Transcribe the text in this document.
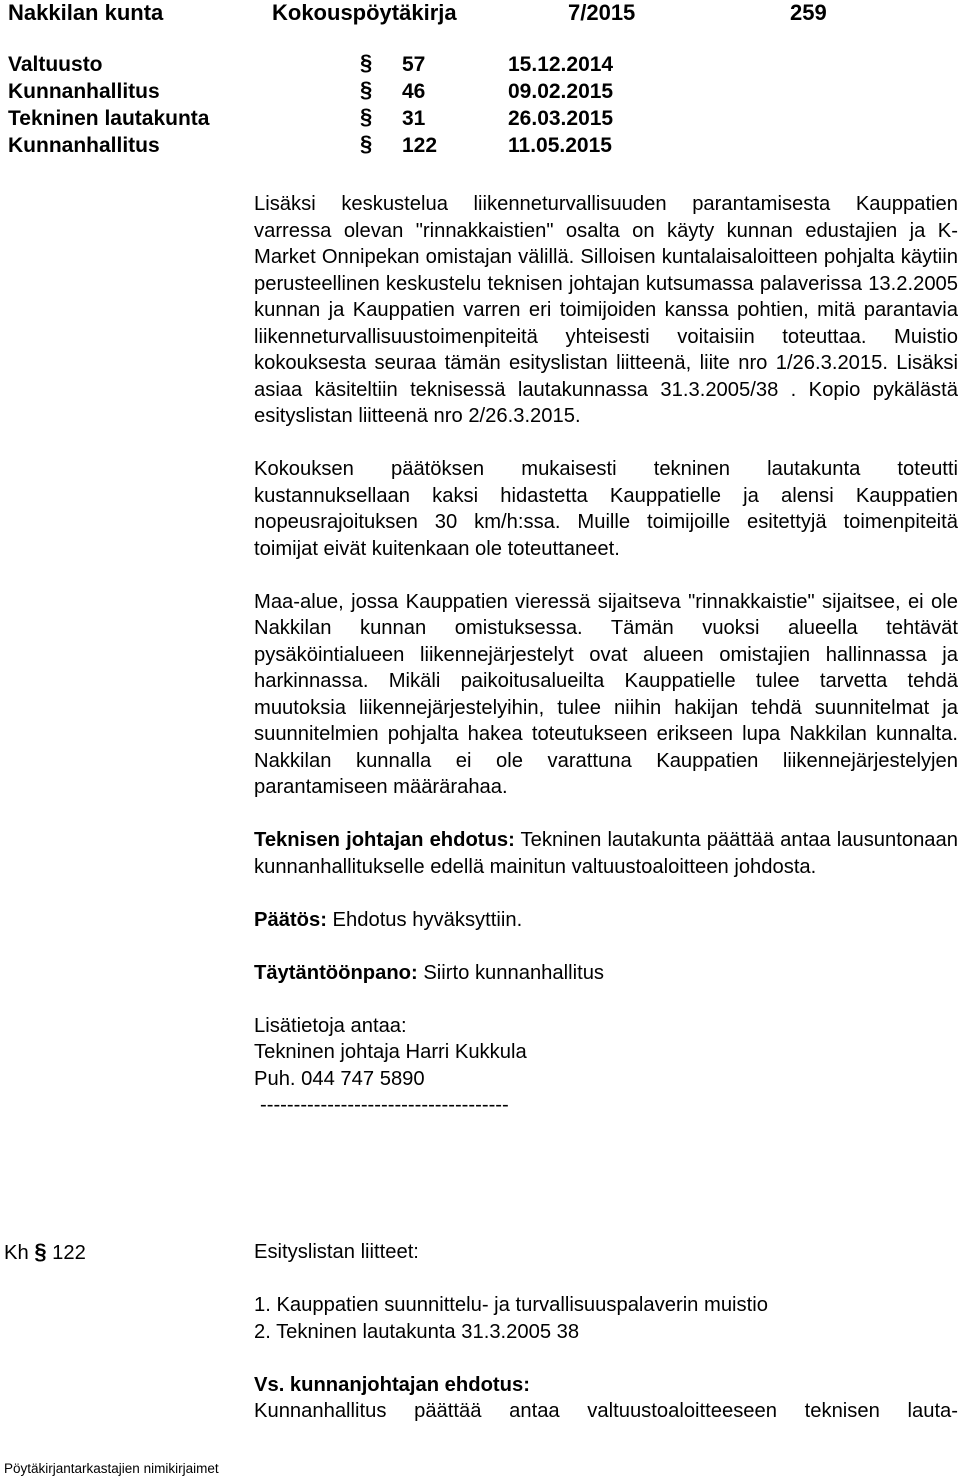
Nakkilan kunta	Kokouspöytäkirja	7/2015	259
Valtuusto	§ 57	15.12.2014
Kunnanhallitus	§ 46	09.02.2015
Tekninen lautakunta	§ 31	26.03.2015
Kunnanhallitus	§ 122	11.05.2015

Lisäksi keskustelua liikenneturvallisuuden parantamisesta Kauppatien varressa olevan "rinnakkaistien" osalta on käyty kunnan edustajien ja K-Market Onnipekan omistajan välillä. Silloisen kuntalaisaloitteen pohjalta käytiin perusteellinen keskustelu teknisen johtajan kutsumassa palaverissa 13.2.2005 kunnan ja Kauppatien varren eri toimijoiden kanssa pohtien, mitä parantavia liikenneturvallisuustoimenpiteitä yhteisesti voitaisiin toteuttaa. Muistio kokouksesta seuraa tämän esityslistan liitteenä, liite nro 1/26.3.2015. Lisäksi asiaa käsiteltiin teknisessä lautakunnassa 31.3.2005/38 . Kopio pykälästä esityslistan liitteenä nro 2/26.3.2015.

Kokouksen päätöksen mukaisesti tekninen lautakunta toteutti kustannuksellaan kaksi hidastetta Kauppatielle ja alensi Kauppatien nopeusrajoituksen 30 km/h:ssa. Muille toimijoille esitettyjä toimenpiteitä toimijat eivät kuitenkaan ole toteuttaneet.

Maa-alue, jossa Kauppatien vieressä sijaitseva "rinnakkaistie" sijaitsee, ei ole Nakkilan kunnan omistuksessa. Tämän vuoksi alueella tehtävät pysäköintialueen liikennejärjestelyt ovat alueen omistajien hallinnassa ja harkinnassa. Mikäli paikoitusalueilta Kauppatielle tulee tarvetta tehdä muutoksia liikennejärjestelyihin, tulee niihin hakijan tehdä suunnitelmat ja suunnitelmien pohjalta hakea toteutukseen erikseen lupa Nakkilan kunnalta. Nakkilan kunnalla ei ole varattuna Kauppatien liikennejärjestelyjen parantamiseen määrärahaa.

Teknisen johtajan ehdotus: Tekninen lautakunta päättää antaa lausuntonaan kunnanhallitukselle edellä mainitun valtuustoaloitteen johdosta.

Päätös: Ehdotus hyväksyttiin.

Täytäntöönpano: Siirto kunnanhallitus

Lisätietoja antaa:
Tekninen johtaja Harri Kukkula
Puh. 044 747 5890
-------------------------------------
Kh § 122	Esityslistan liitteet:
1. Kauppatien suunnittelu- ja turvallisuuspalaverin muistio
2. Tekninen lautakunta 31.3.2005 38
Vs. kunnanjohtajan ehdotus:

Kunnanhallitus päättää antaa valtuustoaloitteeseen teknisen lauta-

Pöytäkirjantarkastajien nimikirjaimet
